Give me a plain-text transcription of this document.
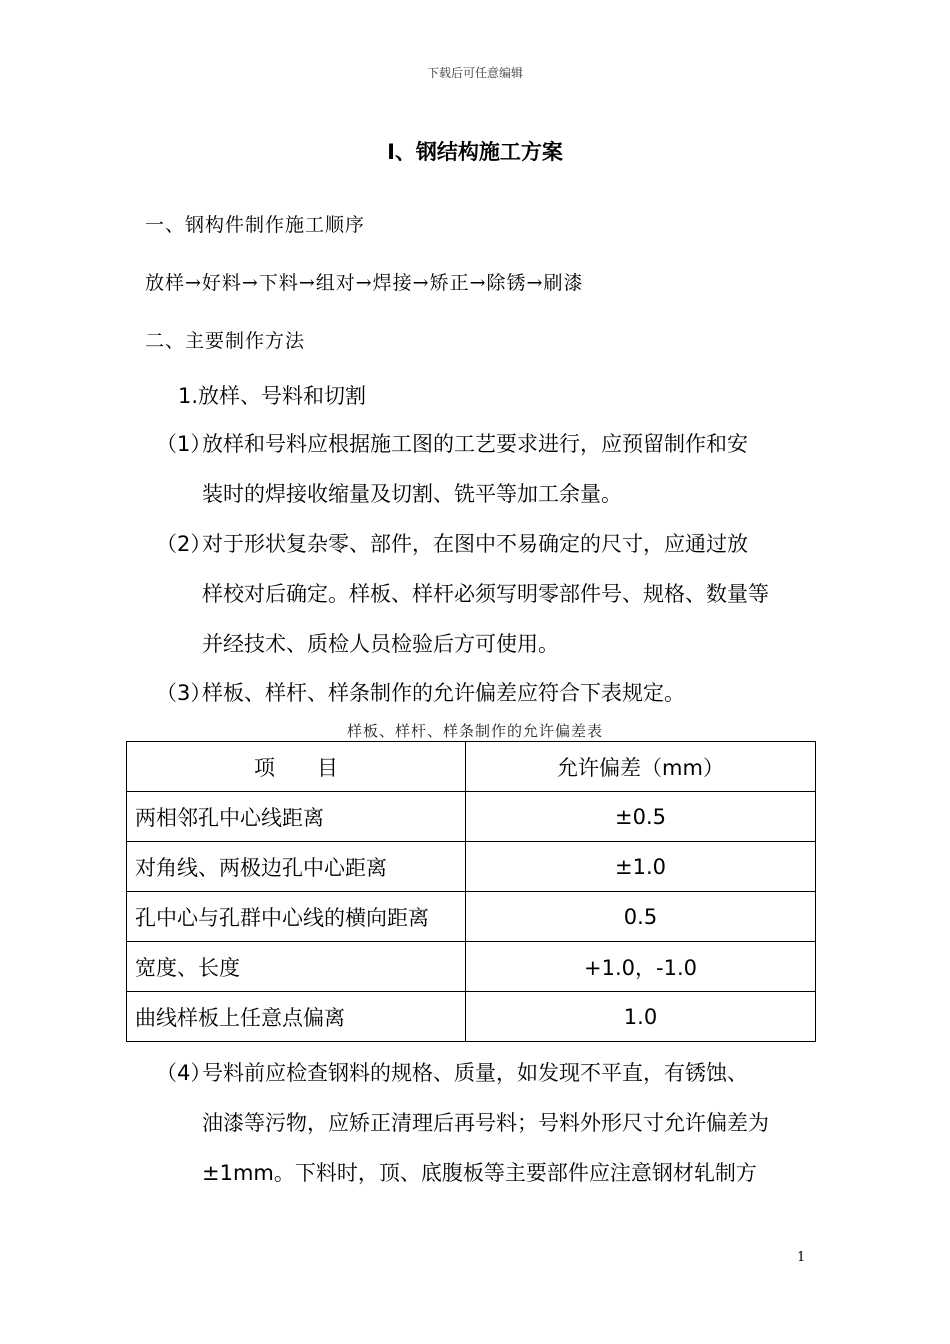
下载后可任意编辑
I、钢结构施工方案
一、钢构件制作施工顺序
放样→好料→下料→组对→焊接→矫正→除锈→刷漆
二、主要制作方法
1.放样、号料和切割
（1）
放样和号料应根据施工图的工艺要求进行，应预留制作和安
装时的焊接收缩量及切割、铣平等加工余量。
（2）
对于形状复杂零、部件，在图中不易确定的尺寸，应通过放
样校对后确定。样板、样杆必须写明零部件号、规格、数量等
并经技术、质检人员检验后方可使用。
（3）
样板、样杆、样条制作的允许偏差应符合下表规定。
样板、样杆、样条制作的允许偏差表
项　　目	允许偏差（mm）
两相邻孔中心线距离	±0.5
对角线、两极边孔中心距离	±1.0
孔中心与孔群中心线的横向距离	0.5
宽度、长度	+1.0，-1.0
曲线样板上任意点偏离	1.0
（4）
号料前应检查钢料的规格、质量，如发现不平直，有锈蚀、
油漆等污物，应矫正清理后再号料；号料外形尺寸允许偏差为
±1mm。下料时，顶、底腹板等主要部件应注意钢材轧制方
1
